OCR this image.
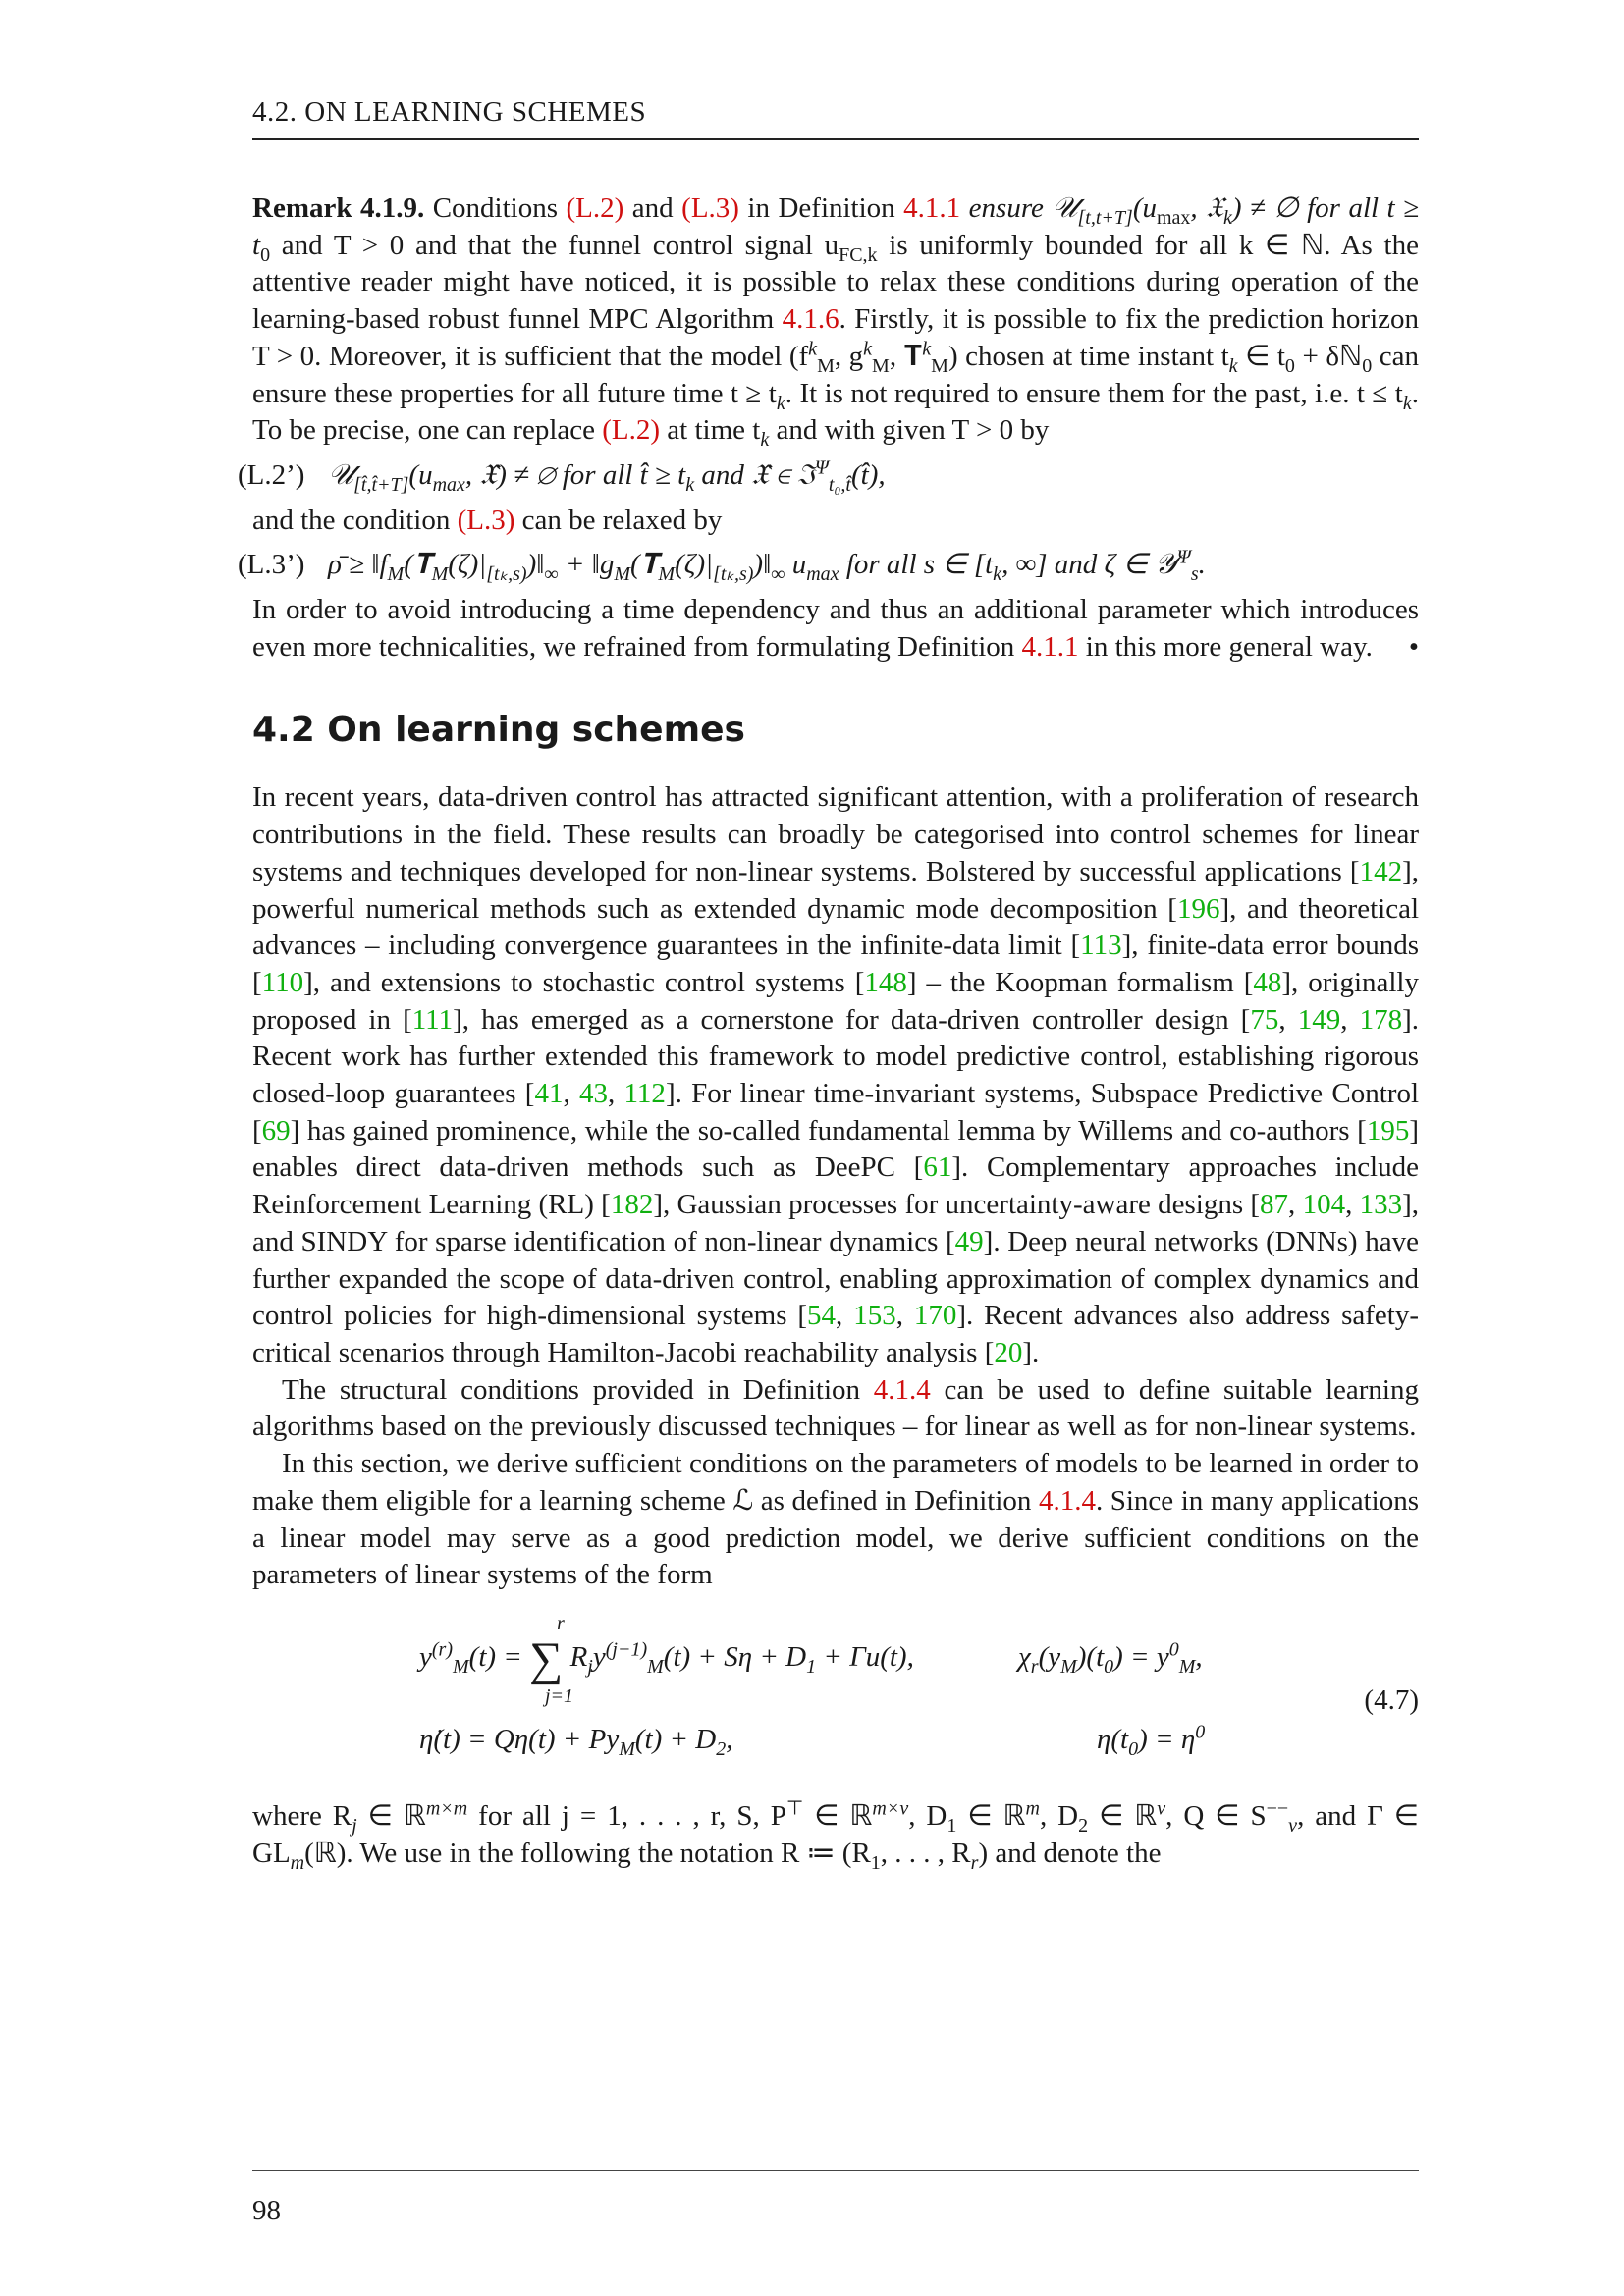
4.2. ON LEARNING SCHEMES

Remark 4.1.9. Conditions (L.2) and (L.3) in Definition 4.1.1 ensure $𝒰_{[t,t+T]}(u_{max}$, 𝔛$_k$) ≠ ∅ for all $t \ge t_0$ and T > 0 and that the funnel control signal $u_{FC,k}$ is uniformly bounded for all k ∈ ℕ. As the attentive reader might have noticed, it is possible to relax these conditions during operation of the learning-based robust funnel MPC Algorithm 4.1.6. Firstly, it is possible to fix the prediction horizon T > 0. Moreover, it is sufficient that the model ($f^k_M$, $g^k_M$, 𝐓$^k_M$) chosen at time instant $t_k$ ∈ $t_0$ + δℕ$_0$ can ensure these properties for all future time $t \ge t_k$. It is not required to ensure them for the past, i.e. $t \le t_k$. To be precise, one can replace (L.2) at time $t_k$ and with given T > 0 by

(L.2’) $𝒰_{[t̂,t̂+T]}(u_{max}$, 𝔛̂) ≠ ∅ for all t̂ ≥ $t_k$ and 𝔛̂ ∈ ℑ$^\Psi_{t_0,t̂}$(t̂),

and the condition (L.3) can be relaxed by

(L.3’) ρ̄ ≥ $‖f_M(𝐓_M(\zeta)|_{[t_k,s)})‖_\infty$ + $‖g_M(𝐓_M(\zeta)|_{[t_k,s)})‖_\infty$ $u_{max}$ for all s ∈ [$t_k$, ∞] and ζ ∈ 𝒴$^\Psi_s$.

In order to avoid introducing a time dependency and thus an additional parameter which introduces even more technicalities, we refrained from formulating Definition 4.1.1 in this more general way. •

4.2 On learning schemes

In recent years, data-driven control has attracted significant attention, with a proliferation of research contributions in the field. These results can broadly be categorised into control schemes for linear systems and techniques developed for non-linear systems. Bolstered by successful applications [142], powerful numerical methods such as extended dynamic mode decomposition [196], and theoretical advances – including convergence guarantees in the infinite-data limit [113], finite-data error bounds [110], and extensions to stochastic control systems [148] – the Koopman formalism [48], originally proposed in [111], has emerged as a cornerstone for data-driven controller design [75, 149, 178]. Recent work has further extended this framework to model predictive control, establishing rigorous closed-loop guarantees [41, 43, 112]. For linear time-invariant systems, Subspace Predictive Control [69] has gained prominence, while the so-called fundamental lemma by Willems and co-authors [195] enables direct data-driven methods such as DeePC [61]. Complementary approaches include Reinforcement Learning (RL) [182], Gaussian processes for uncertainty-aware designs [87, 104, 133], and SINDY for sparse identification of non-linear dynamics [49]. Deep neural networks (DNNs) have further expanded the scope of data-driven control, enabling approximation of complex dynamics and control policies for high-dimensional systems [54, 153, 170]. Recent advances also address safety-critical scenarios through Hamilton-Jacobi reachability analysis [20].

The structural conditions provided in Definition 4.1.4 can be used to define suitable learning algorithms based on the previously discussed techniques – for linear as well as for non-linear systems.

In this section, we derive sufficient conditions on the parameters of models to be learned in order to make them eligible for a learning scheme ℒ as defined in Definition 4.1.4. Since in many applications a linear model may serve as a good prediction model, we derive sufficient conditions on the parameters of linear systems of the form

$y^{(r)}_M(t)$ = ∑ $R_jy^{(j-1)}_M(t) + S\eta + D_1 + \Gamma u(t)$,
r
j=1
$\chi_r(y_M)(t_0) = y^0_M$,
η̇(t) = $Q\eta(t) + Py_M(t) + D_2$,	$\eta(t_0) = \eta^0$
(4.7)

where $R_j$ ∈ ℝ$^{m\times m}$ for all j = 1, . . . , r, S, P⊤ ∈ ℝ$^{m\times\nu}$, $D_1$ ∈ ℝ$^m$, $D_2$ ∈ ℝ$^\nu$, Q ∈ $S^{--}_\nu$, and Γ ∈ $GL_m(ℝ)$. We use in the following the notation R ≔ ($R_1$, . . . , $R_r$) and denote the

98
